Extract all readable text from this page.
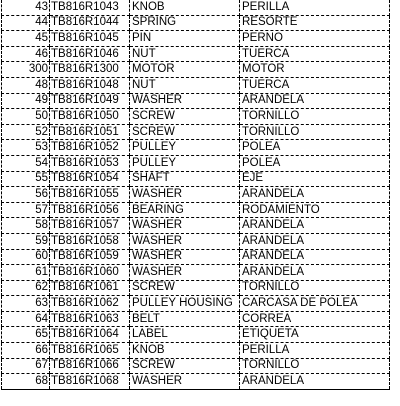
43	TB816R1043	KNOB	PERILLA
44	TB816R1044	SPRING	RESORTE
45	TB816R1045	PIN	PERNO
46	TB816R1046	NUT	TUERCA
300	TB816R1300	MOTOR	MOTOR
48	TB816R1048	NUT	TUERCA
49	TB816R1049	WASHER	ARANDELA
50	TB816R1050	SCREW	TORNILLO
52	TB816R1051	SCREW	TORNILLO
53	TB816R1052	PULLEY	POLEA
54	TB816R1053	PULLEY	POLEA
55	TB816R1054	SHAFT	EJE
56	TB816R1055	WASHER	ARANDELA
57	TB816R1056	BEARING	RODAMIENTO
58	TB816R1057	WASHER	ARANDELA
59	TB816R1058	WASHER	ARANDELA
60	TB816R1059	WASHER	ARANDELA
61	TB816R1060	WASHER	ARANDELA
62	TB816R1061	SCREW	TORNILLO
63	TB816R1062	PULLEY HOUSING	CARCASA DE POLEA
64	TB816R1063	BELT	CORREA
65	TB816R1064	LABEL	ETIQUETA
66	TB816R1065	KNOB	PERILLA
67	TB816R1066	SCREW	TORNILLO
68	TB816R1068	WASHER	ARANDELA
